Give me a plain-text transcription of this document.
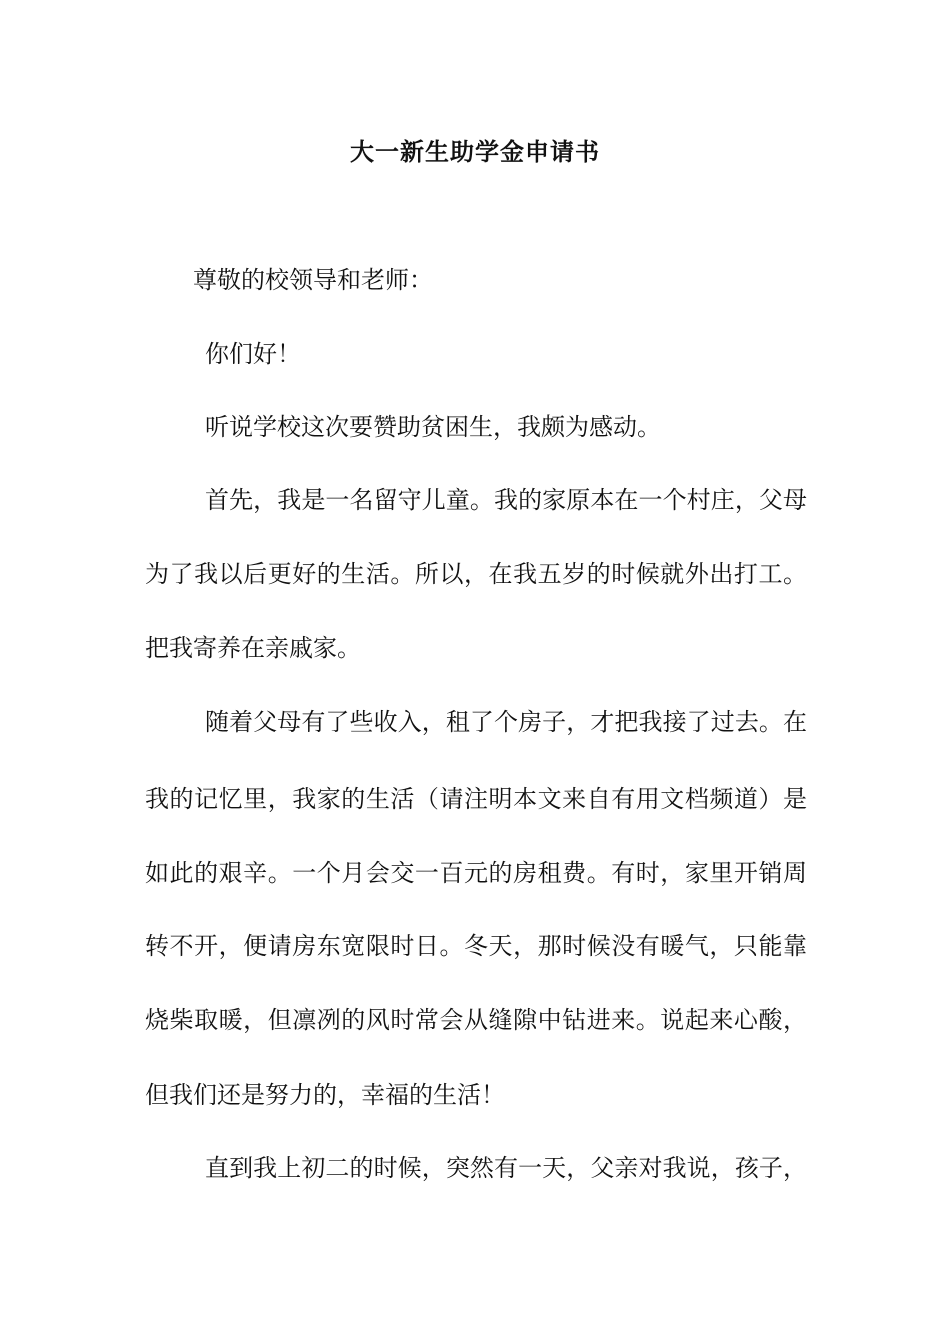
大一新生助学金申请书
尊敬的校领导和老师：
你们好！
听说学校这次要赞助贫困生，我颇为感动。
首先，我是一名留守儿童。我的家原本在一个村庄，父母
为了我以后更好的生活。所以，在我五岁的时候就外出打工。
把我寄养在亲戚家。
随着父母有了些收入，租了个房子，才把我接了过去。在
我的记忆里，我家的生活（请注明本文来自有用文档频道）是
如此的艰辛。一个月会交一百元的房租费。有时，家里开销周
转不开，便请房东宽限时日。冬天，那时候没有暖气，只能靠
烧柴取暖，但凛冽的风时常会从缝隙中钻进来。说起来心酸，
但我们还是努力的，幸福的生活！
直到我上初二的时候，突然有一天，父亲对我说，孩子，
